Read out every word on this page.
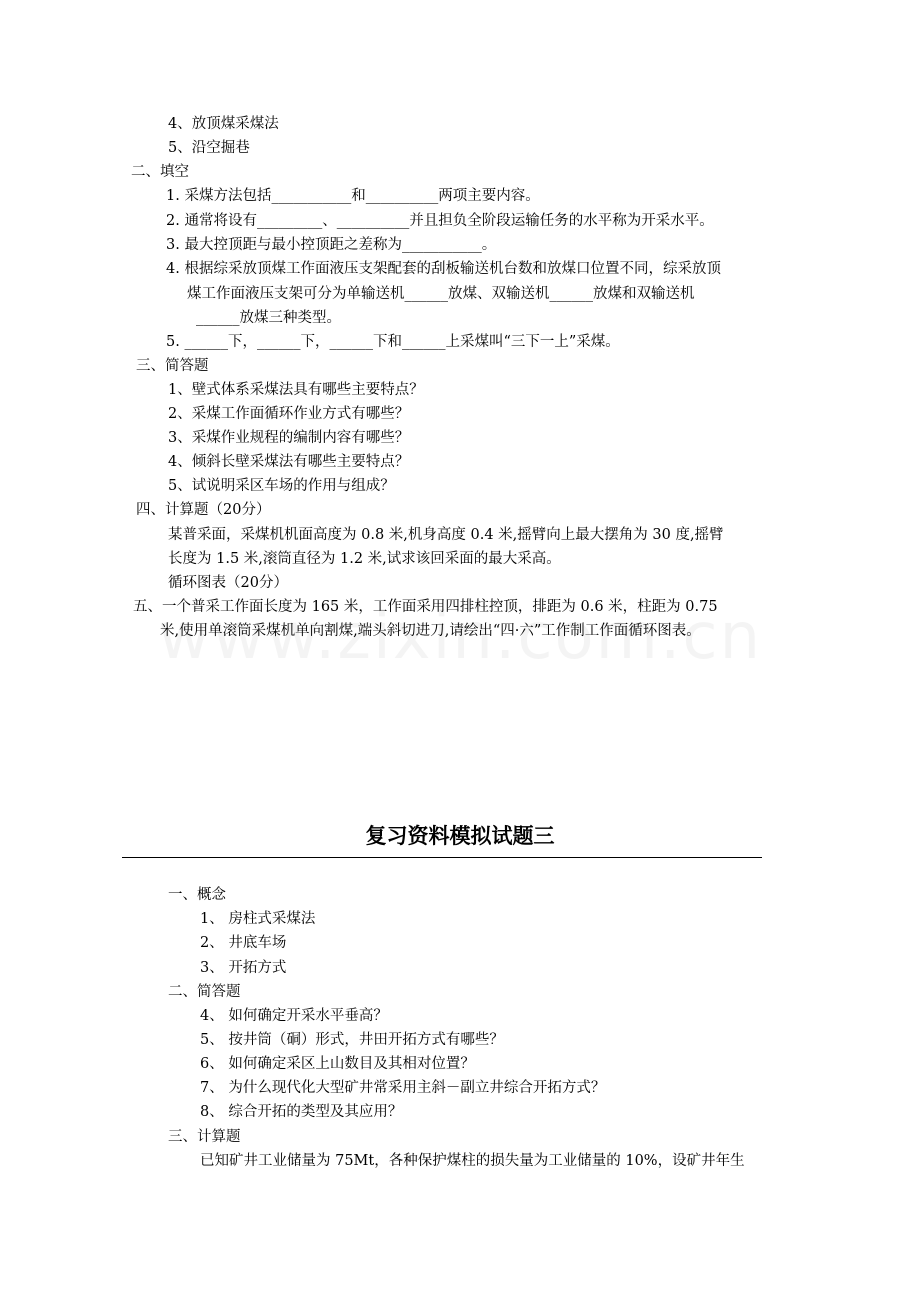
4、放顶煤采煤法
5、沿空掘巷
二、填空
1. 采煤方法包括___________和__________两项主要内容。
2. 通常将设有_________、__________并且担负全阶段运输任务的水平称为开采水平。
3. 最大控顶距与最小控顶距之差称为___________。
4. 根据综采放顶煤工作面液压支架配套的刮板输送机台数和放煤口位置不同，综采放顶
煤工作面液压支架可分为单输送机______放煤、双输送机______放煤和双输送机
______放煤三种类型。
5. ______下，______下，______下和______上采煤叫“三下一上”采煤。
三、简答题
1、壁式体系采煤法具有哪些主要特点？
2、采煤工作面循环作业方式有哪些？
3、采煤作业规程的编制内容有哪些？
4、倾斜长壁采煤法有哪些主要特点？
5、试说明采区车场的作用与组成？
四、计算题（20分）
某普采面，采煤机机面高度为 0.8 米,机身高度 0.4 米,摇臂向上最大摆角为 30 度,摇臂
长度为 1.5 米,滚筒直径为 1.2 米,试求该回采面的最大采高。
循环图表（20分）
五、一个普采工作面长度为 165 米，工作面采用四排柱控顶，排距为 0.6 米，柱距为 0.75
米,使用单滚筒采煤机单向割煤,端头斜切进刀,请绘出“四·六”工作制工作面循环图表。
复习资料模拟试题三
一、概念
1、 房柱式采煤法
2、 井底车场
3、 开拓方式
二、简答题
4、 如何确定开采水平垂高？
5、 按井筒（硐）形式，井田开拓方式有哪些？
6、 如何确定采区上山数目及其相对位置？
7、 为什么现代化大型矿井常采用主斜－副立井综合开拓方式？
8、 综合开拓的类型及其应用？
三、计算题
已知矿井工业储量为 75Mt，各种保护煤柱的损失量为工业储量的 10%，设矿井年生
